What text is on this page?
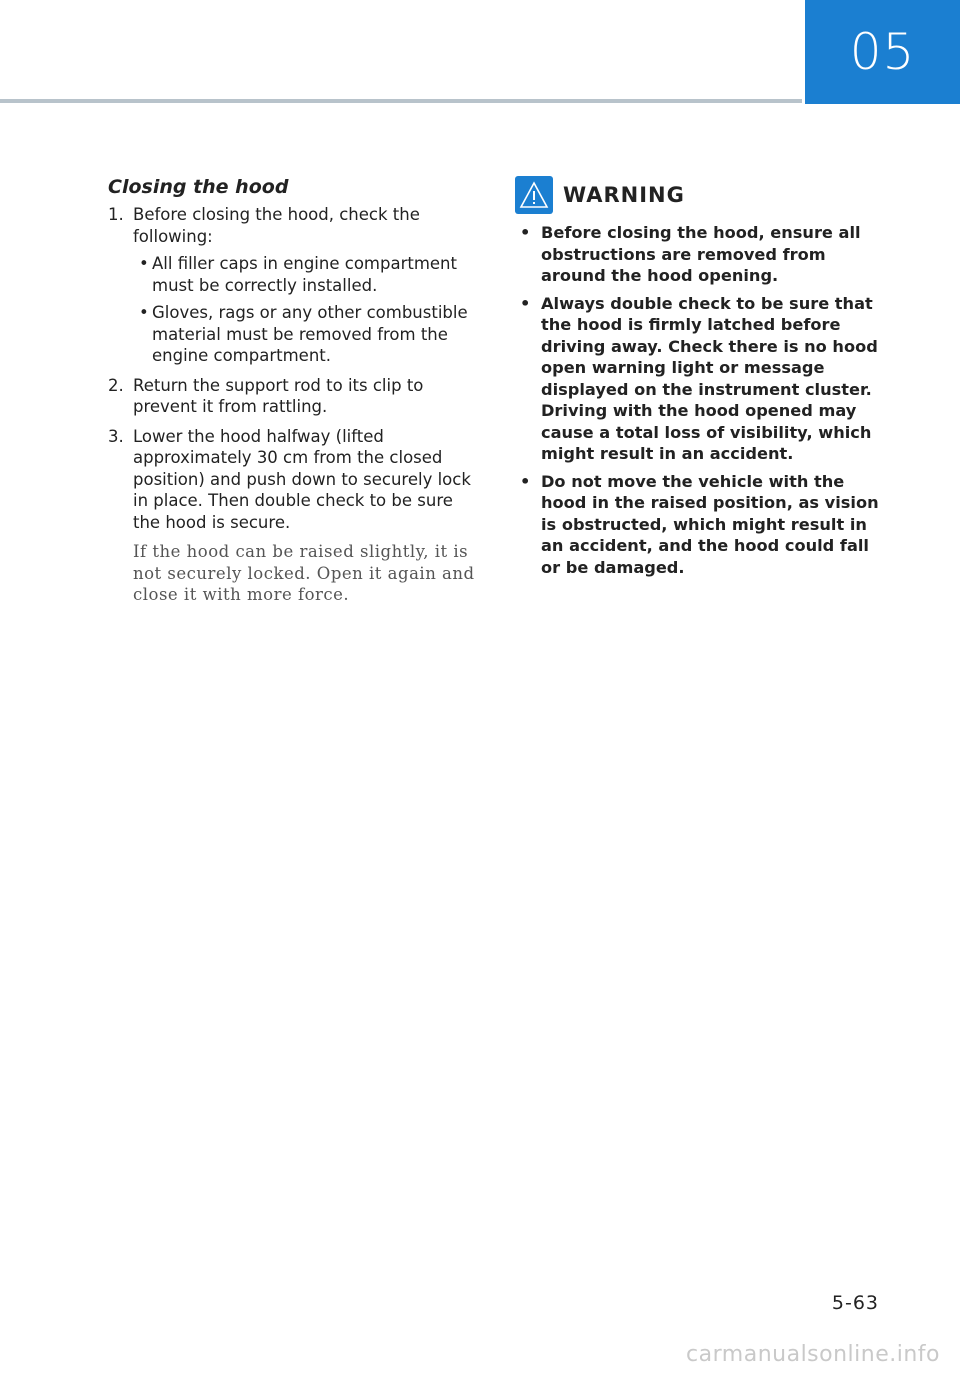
05
Closing the hood
1. Before closing the hood, check the following:
• All filler caps in engine compartment must be correctly installed.
• Gloves, rags or any other combustible material must be removed from the engine compartment.
2. Return the support rod to its clip to prevent it from rattling.
3. Lower the hood halfway (lifted approximately 30 cm from the closed position) and push down to securely lock in place. Then double check to be sure the hood is secure.
If the hood can be raised slightly, it is not securely locked. Open it again and close it with more force.
WARNING
• Before closing the hood, ensure all obstructions are removed from around the hood opening.
• Always double check to be sure that the hood is firmly latched before driving away. Check there is no hood open warning light or message displayed on the instrument cluster. Driving with the hood opened may cause a total loss of visibility, which might result in an accident.
• Do not move the vehicle with the hood in the raised position, as vision is obstructed, which might result in an accident, and the hood could fall or be damaged.
5-63
carmanualsonline.info
